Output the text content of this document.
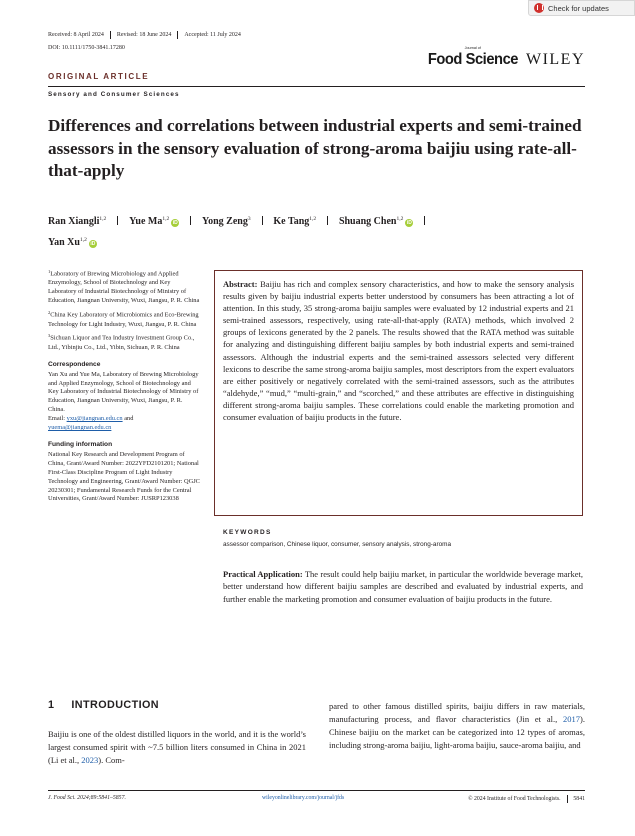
Check for updates
Received: 8 April 2024 Revised: 18 June 2024 Accepted: 11 July 2024
DOI: 10.1111/1750-3841.17280	Journal of
Food Science WILEY
ORIGINAL ARTICLE
Sensory and Consumer Sciences
Differences and correlations between industrial experts and semi-trained assessors in the sensory evaluation of strong-aroma baijiu using rate-all-that-apply
Ran Xiangli$^{1,2}$ Yue Ma$^{1,2}$iD Yong Zeng$^3$ Ke Tang$^{1,2}$ Shuang Chen$^{1,2}$iD
Yan Xu$^{1,2}$iD
$^1$Laboratory of Brewing Microbiology and Applied Enzymology, School of Biotechnology and Key Laboratory of Industrial Biotechnology of Ministry of Education, Jiangnan University, Wuxi, Jiangsu, P. R. China
$^2$China Key Laboratory of Microbiomics and Eco-Brewing Technology for Light Industry, Wuxi, Jiangsu, P. R. China
$^3$Sichuan Liquor and Tea Industry Investment Group Co., Ltd., Yibinjiu Co., Ltd., Yibin, Sichuan, P. R. China
Correspondence
Yan Xu and Yue Ma, Laboratory of Brewing Microbiology and Applied Enzymology, School of Biotechnology and Key Laboratory of Industrial Biotechnology of Ministry of Education, Jiangnan University, Wuxi, Jiangsu, P. R. China.
Email: yxu@jiangnan.edu.cn and
yuema@jiangnan.edu.cn
Funding information
National Key Research and Development Program of China, Grant/Award Number: 2022YFD2101201; National First-Class Discipline Program of Light Industry Technology and Engineering, Grant/Award Number: QGJC 20230301; Fundamental Research Funds for the Central Universities, Grant/Award Number: JUSRP123038
Abstract: Baijiu has rich and complex sensory characteristics, and how to make the sensory analysis results given by baijiu industrial experts better understood by consumers has been attracting a lot of attention. In this study, 35 strong-aroma baijiu samples were evaluated by 12 industrial experts and 21 semi-trained assessors, respectively, using rate-all-that-apply (RATA) methods, which involved 2 groups of lexicons generated by the 2 panels. The results showed that the RATA method was suitable for analyzing and distinguishing different baijiu samples by both industrial experts and semi-trained assessors. Although the industrial experts and the semi-trained assessors selected very different lexicons to describe the same strong-aroma baijiu samples, most descriptors from the expert evaluators are either positively or negatively correlated with the semi-trained assessors, such as the attributes “aldehyde,” “mud,” “multi-grain,” and “scorched,” and these attributes are effective in distinguishing different strong-aroma baijiu samples. These correlations could enable the marketing promotion and consumer evaluation of baijiu products in the future.
KEYWORDS
assessor comparison, Chinese liquor, consumer, sensory analysis, strong-aroma
Practical Application: The result could help baijiu market, in particular the worldwide beverage market, better understand how different baijiu samples are described and evaluated by industrial experts, and further enable the marketing promotion and consumer evaluation of baijiu products in the future.
1 INTRODUCTION

Baijiu is one of the oldest distilled liquors in the world, and it is the world’s largest consumed spirit with ~7.5 billion liters consumed in China in 2021 (Li et al., 2023). Com-

pared to other famous distilled spirits, baijiu differs in raw materials, manufacturing process, and flavor characteristics (Jin et al., 2017). Chinese baijiu on the market can be categorized into 12 types of aromas, including strong-aroma baijiu, light-aroma baijiu, sauce-aroma baijiu, and

J. Food Sci. 2024;89:5841–5857.	wileyonlinelibrary.com/journal/jfds	© 2024 Institute of Food Technologists. 5841
